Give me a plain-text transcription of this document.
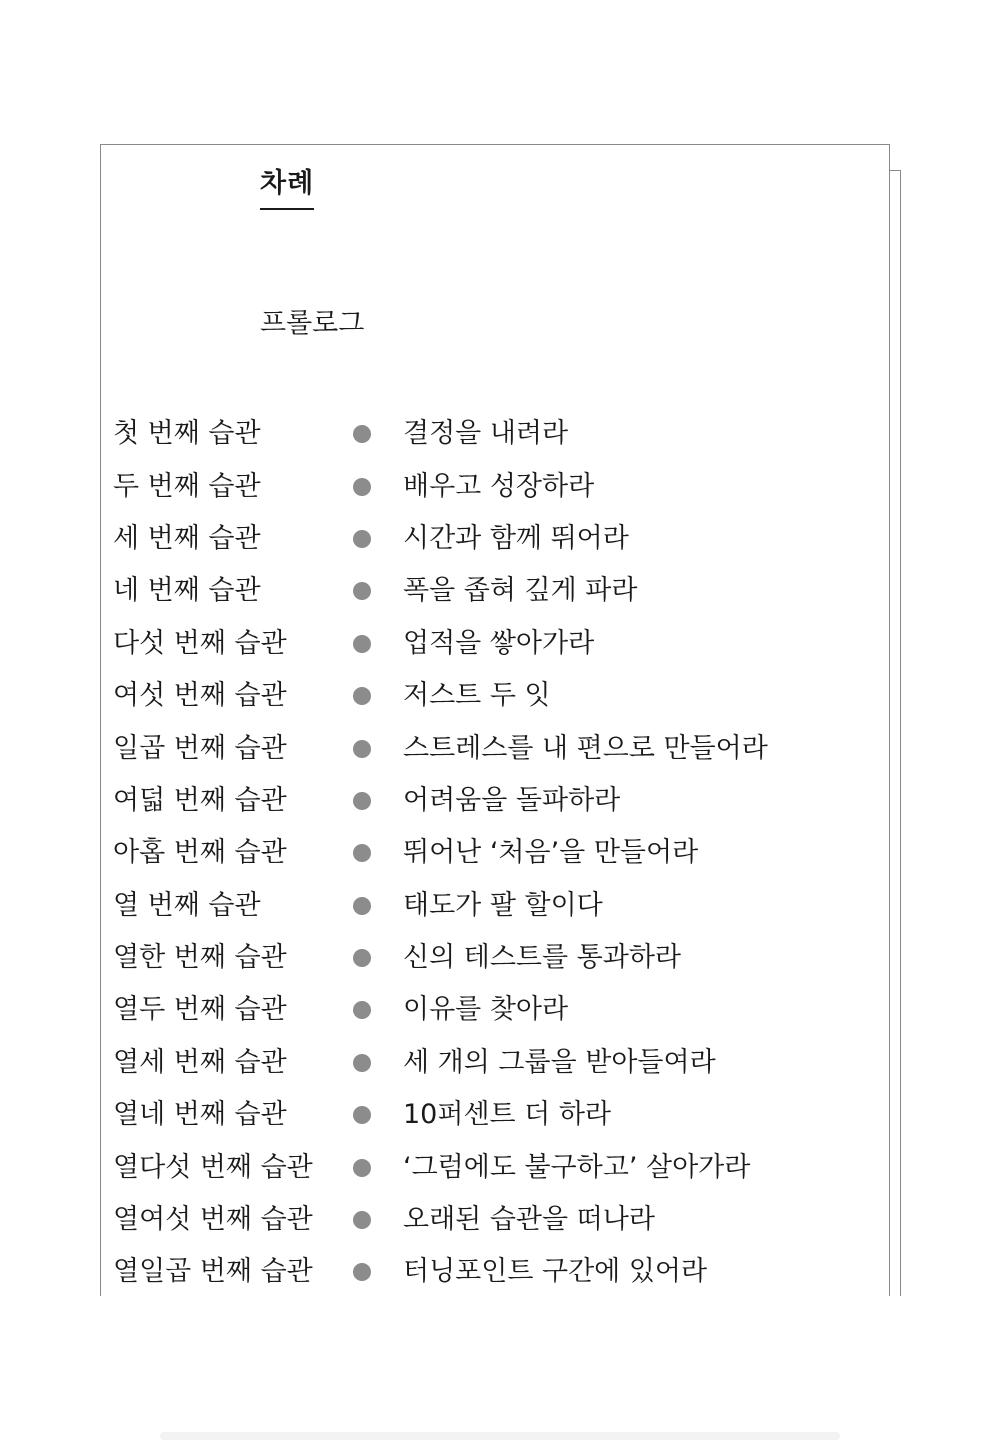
차례
프롤로그
첫 번째 습관	결정을 내려라
두 번째 습관	배우고 성장하라
세 번째 습관	시간과 함께 뛰어라
네 번째 습관	폭을 좁혀 깊게 파라
다섯 번째 습관	업적을 쌓아가라
여섯 번째 습관	저스트 두 잇
일곱 번째 습관	스트레스를 내 편으로 만들어라
여덟 번째 습관	어려움을 돌파하라
아홉 번째 습관	뛰어난 ‘처음’을 만들어라
열 번째 습관	태도가 팔 할이다
열한 번째 습관	신의 테스트를 통과하라
열두 번째 습관	이유를 찾아라
열세 번째 습관	세 개의 그룹을 받아들여라
열네 번째 습관	10퍼센트 더 하라
열다섯 번째 습관	‘그럼에도 불구하고’ 살아가라
열여섯 번째 습관	오래된 습관을 떠나라
열일곱 번째 습관	터닝포인트 구간에 있어라
